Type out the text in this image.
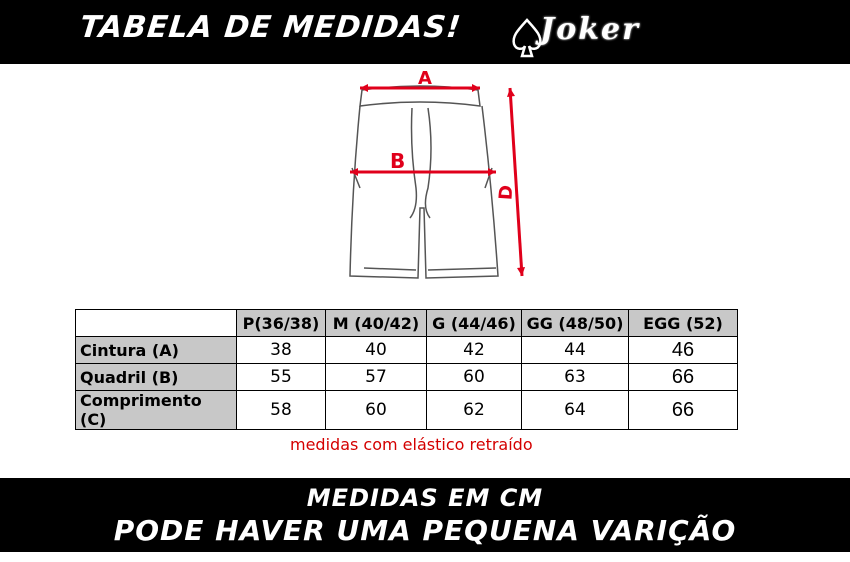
TABELA DE MEDIDAS!	Joker
A
B
D
	P(36/38)	M (40/42)	G (44/46)	GG (48/50)	EGG (52)
Cintura (A)	38	40	42	44	46
Quadril (B)	55	57	60	63	66
Comprimento (C)	58	60	62	64	66
medidas com elástico retraído
MEDIDAS EM CM
PODE HAVER UMA PEQUENA VARIÇÃO
